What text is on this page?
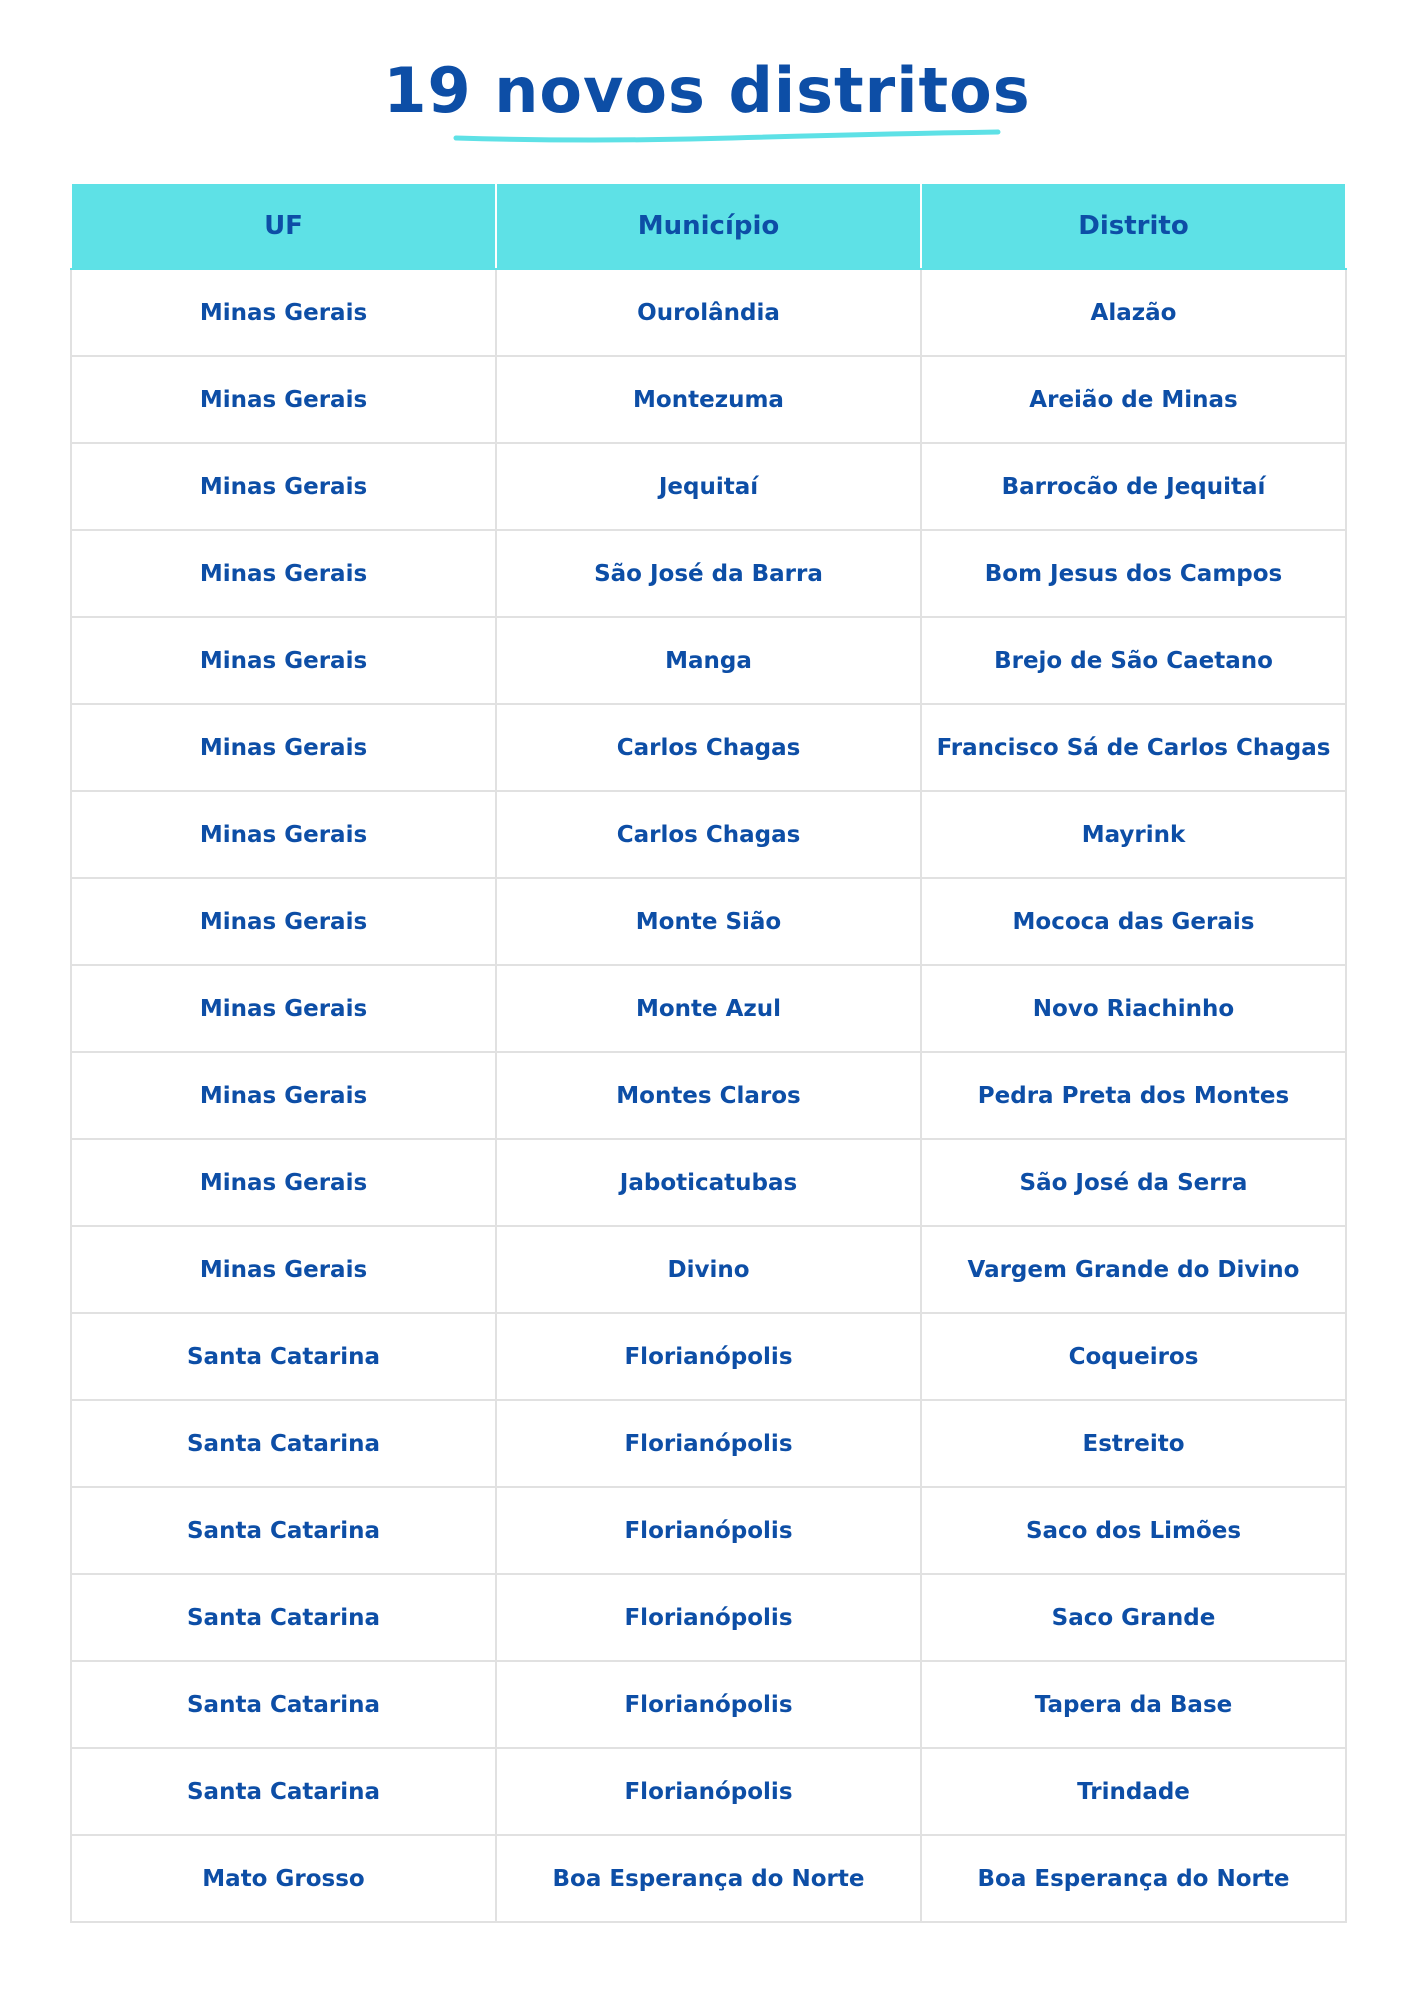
19 novos distritos
UF	Município	Distrito
Minas Gerais	Ourolândia	Alazão
Minas Gerais	Montezuma	Areião de Minas
Minas Gerais	Jequitaí	Barrocão de Jequitaí
Minas Gerais	São José da Barra	Bom Jesus dos Campos
Minas Gerais	Manga	Brejo de São Caetano
Minas Gerais	Carlos Chagas	Francisco Sá de Carlos Chagas
Minas Gerais	Carlos Chagas	Mayrink
Minas Gerais	Monte Sião	Mococa das Gerais
Minas Gerais	Monte Azul	Novo Riachinho
Minas Gerais	Montes Claros	Pedra Preta dos Montes
Minas Gerais	Jaboticatubas	São José da Serra
Minas Gerais	Divino	Vargem Grande do Divino
Santa Catarina	Florianópolis	Coqueiros
Santa Catarina	Florianópolis	Estreito
Santa Catarina	Florianópolis	Saco dos Limões
Santa Catarina	Florianópolis	Saco Grande
Santa Catarina	Florianópolis	Tapera da Base
Santa Catarina	Florianópolis	Trindade
Mato Grosso	Boa Esperança do Norte	Boa Esperança do Norte
